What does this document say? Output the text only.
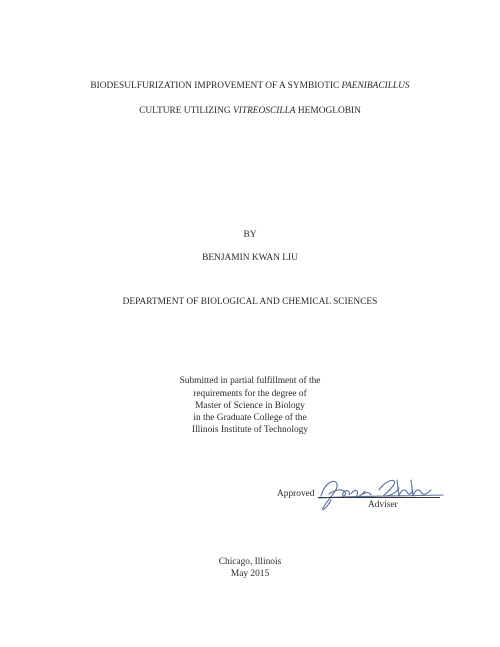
BIODESULFURIZATION IMPROVEMENT OF A SYMBIOTIC PAENIBACILLUS
CULTURE UTILIZING VITREOSCILLA HEMOGLOBIN
BY
BENJAMIN KWAN LIU
DEPARTMENT OF BIOLOGICAL AND CHEMICAL SCIENCES
Submitted in partial fulfillment of the
requirements for the degree of
Master of Science in Biology
in the Graduate College of the
Illinois Institute of Technology
Approved
Adviser
Chicago, Illinois
May 2015
